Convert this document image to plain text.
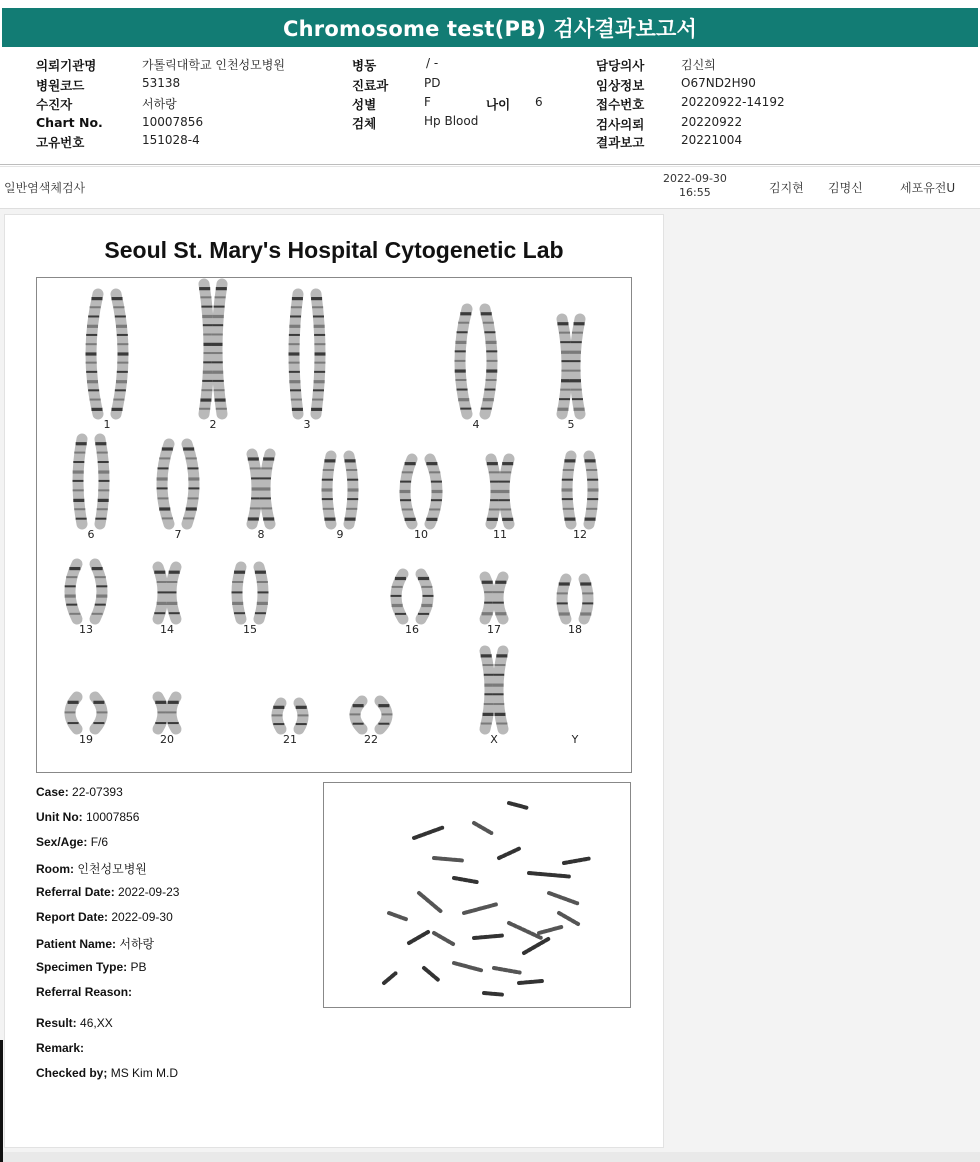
Chromosome test(PB) 검사결과보고서
의뢰기관명	가톨릭대학교 인천성모병원
병원코드	53138
수진자	서하랑
Chart No.	10007856
고유번호	151028-4
병동	/ -
진료과	PD
성별	F	나이 6
검체	Hp Blood
담당의사	김신희
임상정보	O67ND2H90
접수번호	20220922-14192
검사의뢰	20220922
결과보고	20221004
일반염색체검사
2022-09-30
16:55	김지현 김명신	세포유전U
Seoul St. Mary's Hospital Cytogenetic Lab
1	2	3	4	5
6	7	8	9	10	11	12
13	14	15	16	17	18
19	20	21	22	X	Y
Case: 22-07393
Unit No: 10007856
Sex/Age: F/6
Room: 인천성모병원
Referral Date: 2022-09-23
Report Date: 2022-09-30
Patient Name: 서하랑
Specimen Type: PB
Referral Reason:
Result: 46,XX
Remark:
Checked by; MS Kim M.D
